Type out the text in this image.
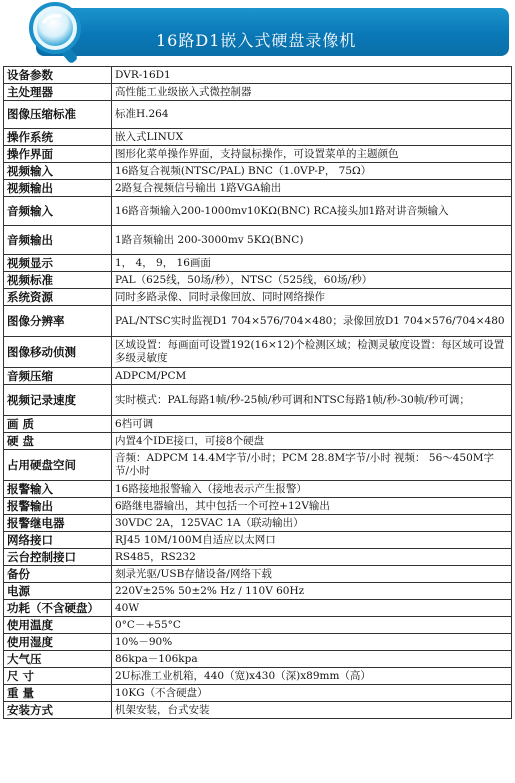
16路D1嵌入式硬盘录像机
设备参数	DVR-16D1
主处理器	高性能工业级嵌入式微控制器
图像压缩标准	标准H.264
操作系统	嵌入式LINUX
操作界面	图形化菜单操作界面，支持鼠标操作，可设置菜单的主题颜色
视频输入	16路复合视频(NTSC/PAL) BNC（1.0VP-P， 75Ω）
视频输出	2路复合视频信号输出 1路VGA输出
音频输入	16路音频输入200-1000mv10KΩ(BNC) RCA接头加1路对讲音频输入
音频输出	1路音频输出 200-3000mv 5KΩ(BNC)
视频显示	1， 4， 9， 16画面
视频标准	PAL（625线，50场/秒），NTSC（525线，60场/秒）
系统资源	同时多路录像、同时录像回放、同时网络操作
图像分辨率	PAL/NTSC实时监视D1 704×576/704×480；录像回放D1 704×576/704×480
图像移动侦测	区域设置：每画面可设置192(16×12)个检测区域；检测灵敏度设置：每区域可设置多级灵敏度
音频压缩	ADPCM/PCM
视频记录速度	实时模式：PAL每路1帧/秒-25帧/秒可调和NTSC每路1帧/秒-30帧/秒可调；
画 质	6档可调
硬 盘	内置4个IDE接口，可接8个硬盘
占用硬盘空间	音频：ADPCM 14.4M字节/小时；PCM 28.8M字节/小时 视频： 56～450M字节/小时
报警输入	16路接地报警输入（接地表示产生报警）
报警输出	6路继电器输出，其中包括一个可控+12V输出
报警继电器	30VDC 2A，125VAC 1A（联动输出）
网络接口	RJ45 10M/100M自适应以太网口
云台控制接口	RS485，RS232
备份	刻录光驱/USB存储设备/网络下载
电源	220V±25% 50±2% Hz / 110V 60Hz
功耗（不含硬盘）	40W
使用温度	0°C－+55°C
使用湿度	10%－90%
大气压	86kpa－106kpa
尺 寸	2U标准工业机箱，440（宽)x430（深)x89mm（高）
重 量	10KG（不含硬盘）
安装方式	机架安装，台式安装
